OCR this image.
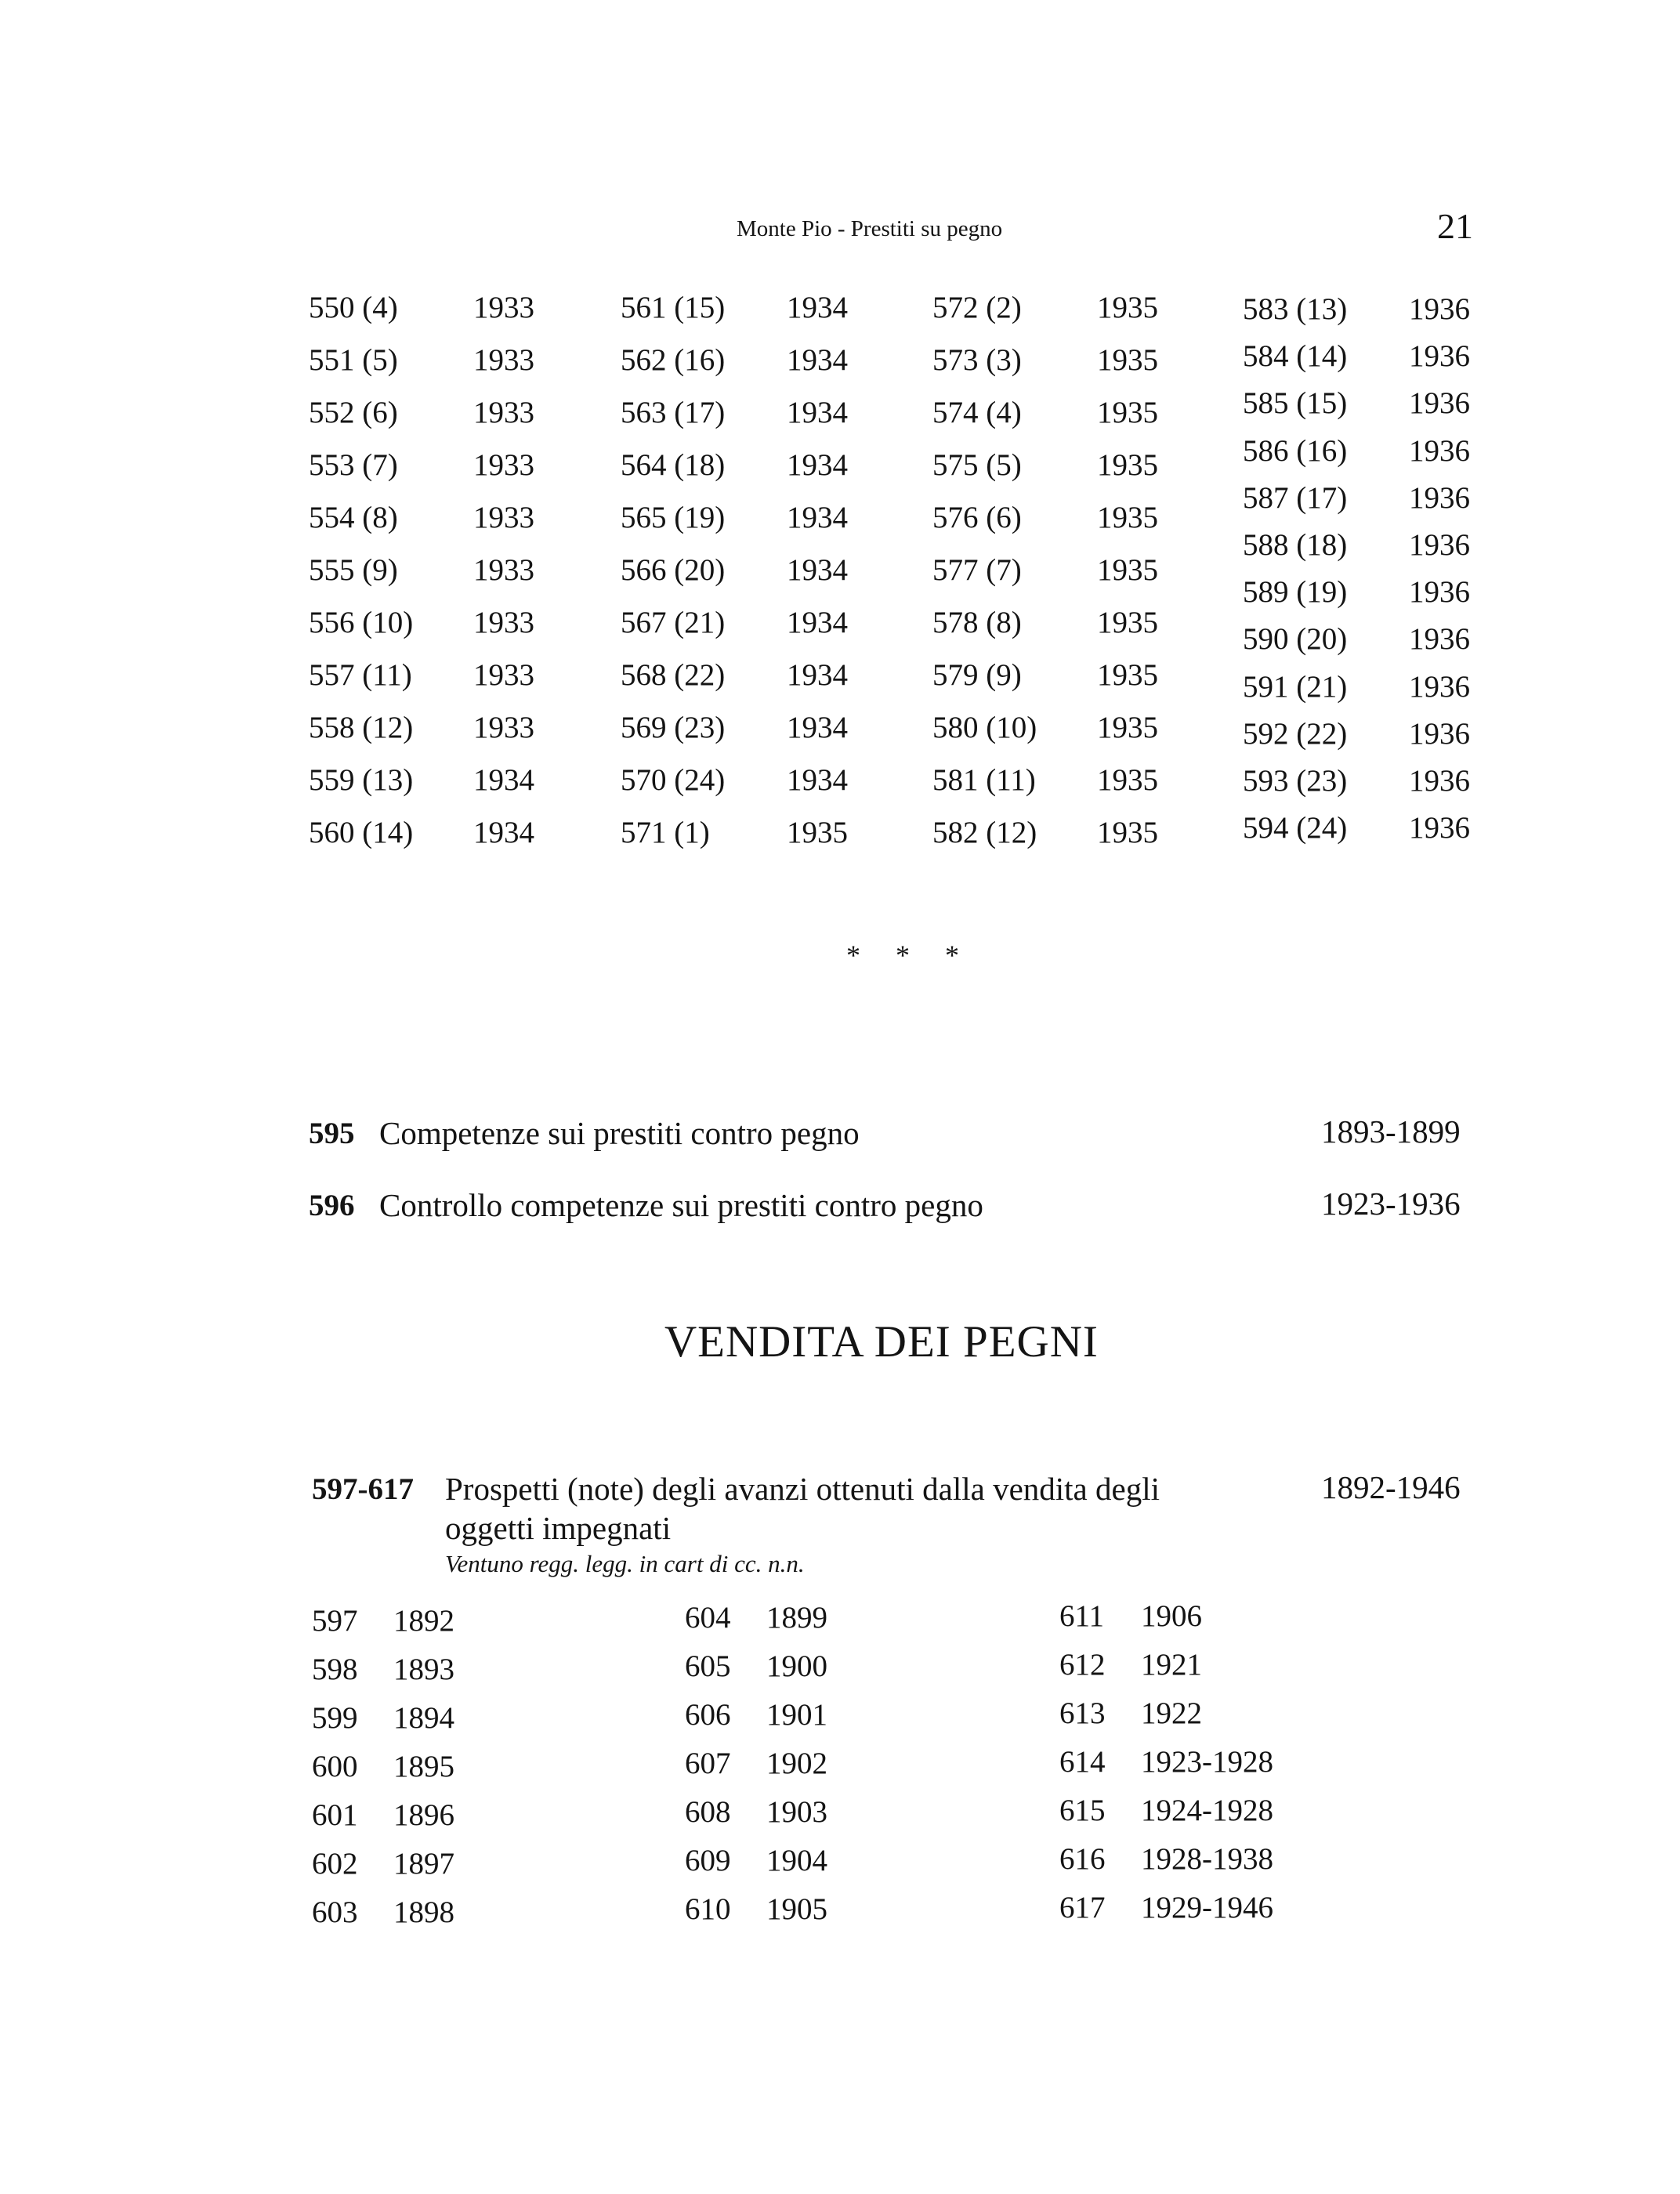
Monte Pio - Prestiti su pegno	21
550 (4) 1933
551 (5) 1933
552 (6) 1933
553 (7) 1933
554 (8) 1933
555 (9) 1933
556 (10) 1933
557 (11) 1933
558 (12) 1933
559 (13) 1934
560 (14) 1934
561 (15) 1934
562 (16) 1934
563 (17) 1934
564 (18) 1934
565 (19) 1934
566 (20) 1934
567 (21) 1934
568 (22) 1934
569 (23) 1934
570 (24) 1934
571 (1)	1935
572 (2) 1935
573 (3) 1935
574 (4) 1935
575 (5) 1935
576 (6) 1935
577 (7) 1935
578 (8) 1935
579 (9) 1935
580 (10) 1935
581 (11) 1935
582 (12) 1935
583 (13) 1936
584 (14) 1936
585 (15) 1936
586 (16) 1936
587 (17) 1936
588 (18) 1936
589 (19) 1936
590 (20) 1936
591 (21) 1936
592 (22) 1936
593 (23) 1936
594 (24) 1936
* * *
595 Competenze sui prestiti contro pegno	1893-1899
596 Controllo competenze sui prestiti contro pegno	1923-1936
VENDITA DEI PEGNI
597-617 Prospetti (note) degli avanzi ottenuti dalla vendita degli
oggetti impegnati
Ventuno regg. legg. in cart di cc. n.n.
1892-1946
597 1892
598 1893
599 1894
600 1895
601 1896
602 1897
603 1898
604 1899
605 1900
606 1901
607 1902
608 1903
609 1904
610 1905
611 1906
612 1921
613 1922
614 1923-1928
615 1924-1928
616 1928-1938
617 1929-1946
